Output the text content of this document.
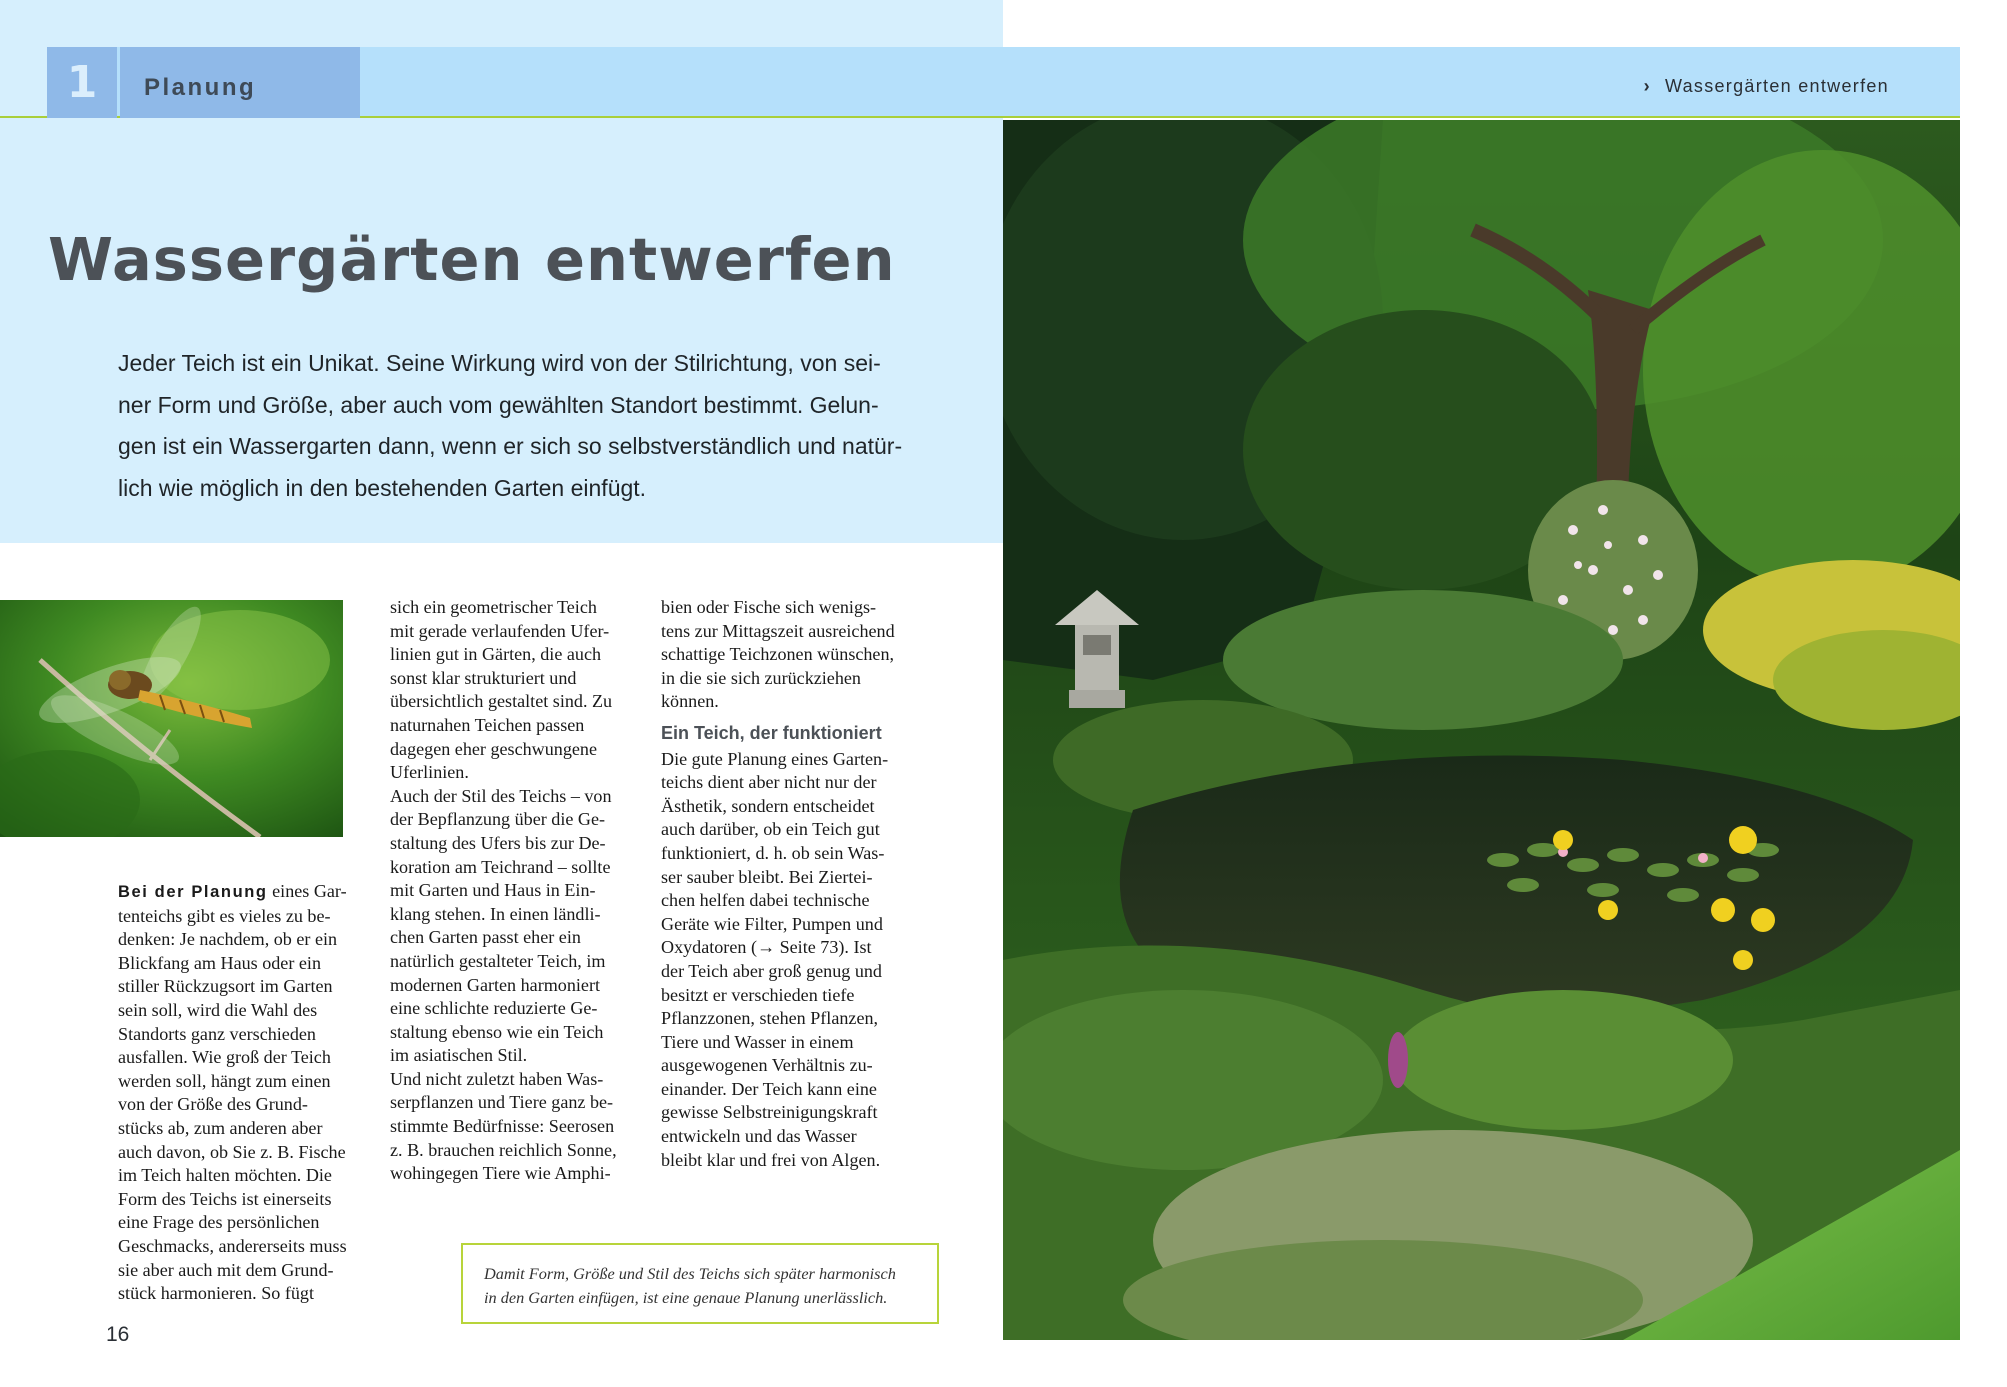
1	Planung	› Wassergärten entwerfen
Wassergärten entwerfen
Jeder Teich ist ein Unikat. Seine Wirkung wird von der Stilrichtung, von sei-
ner Form und Größe, aber auch vom gewählten Standort bestimmt. Gelun-
gen ist ein Wassergarten dann, wenn er sich so selbstverständlich und natür-
lich wie möglich in den bestehenden Garten einfügt.
Bei der Planung eines Gar-
tenteichs gibt es vieles zu be-
denken: Je nachdem, ob er ein
Blickfang am Haus oder ein
stiller Rückzugsort im Garten
sein soll, wird die Wahl des
Standorts ganz verschieden
ausfallen. Wie groß der Teich
werden soll, hängt zum einen
von der Größe des Grund-
stücks ab, zum anderen aber
auch davon, ob Sie z. B. Fische
im Teich halten möchten. Die
Form des Teichs ist einerseits
eine Frage des persönlichen
Geschmacks, andererseits muss
sie aber auch mit dem Grund-
stück harmonieren. So fügt
sich ein geometrischer Teich
mit gerade verlaufenden Ufer-
linien gut in Gärten, die auch
sonst klar strukturiert und
übersichtlich gestaltet sind. Zu
naturnahen Teichen passen
dagegen eher geschwungene
Uferlinien.
Auch der Stil des Teichs – von
der Bepflanzung über die Ge-
staltung des Ufers bis zur De-
koration am Teichrand – sollte
mit Garten und Haus in Ein-
klang stehen. In einen ländli-
chen Garten passt eher ein
natürlich gestalteter Teich, im
modernen Garten harmoniert
eine schlichte reduzierte Ge-
staltung ebenso wie ein Teich
im asiatischen Stil.
Und nicht zuletzt haben Was-
serpflanzen und Tiere ganz be-
stimmte Bedürfnisse: Seerosen
z. B. brauchen reichlich Sonne,
wohingegen Tiere wie Amphi-
bien oder Fische sich wenigs-
tens zur Mittagszeit ausreichend
schattige Teichzonen wünschen,
in die sie sich zurückziehen
können.
Ein Teich, der funktioniert
Die gute Planung eines Garten-
teichs dient aber nicht nur der
Ästhetik, sondern entscheidet
auch darüber, ob ein Teich gut
funktioniert, d. h. ob sein Was-
ser sauber bleibt. Bei Ziertei-
chen helfen dabei technische
Geräte wie Filter, Pumpen und
Oxydatoren (→ Seite 73). Ist
der Teich aber groß genug und
besitzt er verschieden tiefe
Pflanzzonen, stehen Pflanzen,
Tiere und Wasser in einem
ausgewogenen Verhältnis zu-
einander. Der Teich kann eine
gewisse Selbstreinigungskraft
entwickeln und das Wasser
bleibt klar und frei von Algen.
Damit Form, Größe und Stil des Teichs sich später harmonisch
in den Garten einfügen, ist eine genaue Planung unerlässlich.
16
